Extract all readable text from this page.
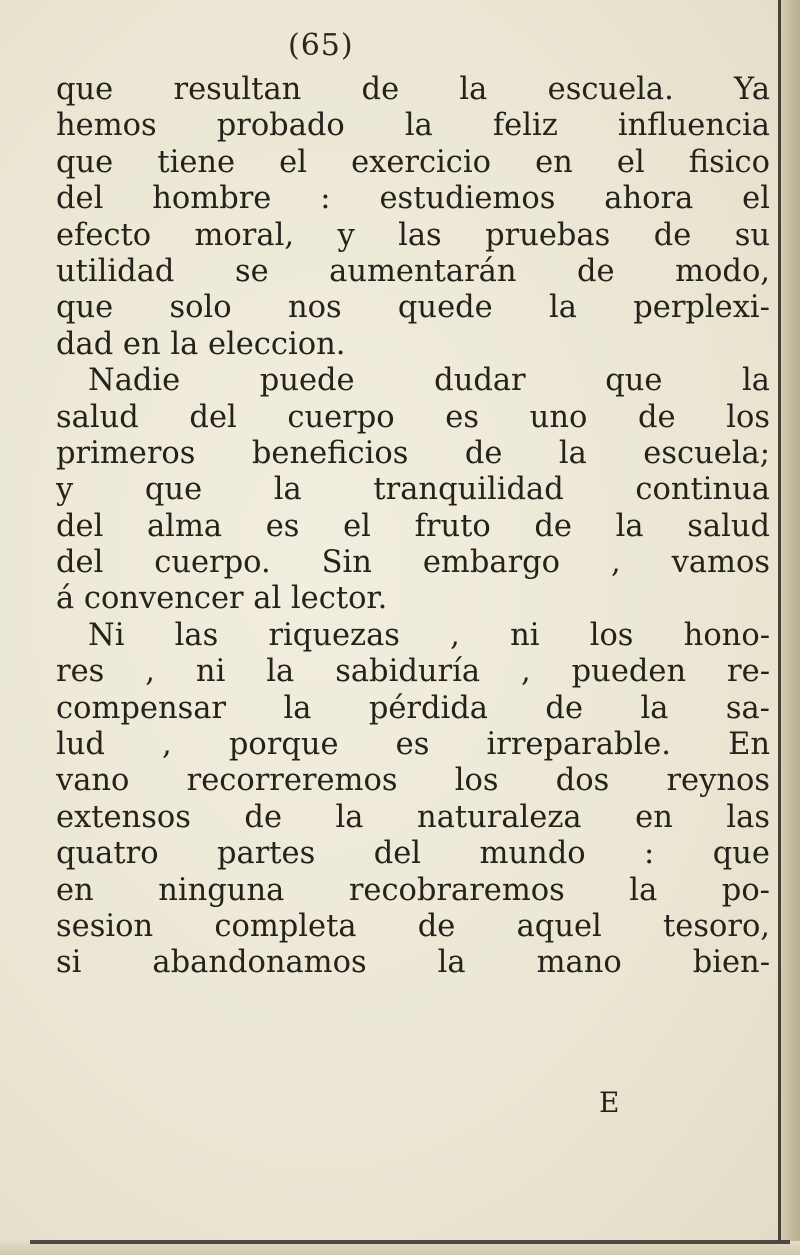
(65)
que resultan de la escuela. Ya
hemos probado la feliz influencia
que tiene el exercicio en el fisico
del hombre : estudiemos ahora el
efecto moral, y las pruebas de su
utilidad se aumentarán de modo,
que solo nos quede la perplexi-
dad en la eleccion.
Nadie puede dudar que la
salud del cuerpo es uno de los
primeros beneficios de la escuela;
y que la tranquilidad continua
del alma es el fruto de la salud
del cuerpo. Sin embargo , vamos
á convencer al lector.
Ni las riquezas , ni los hono-
res , ni la sabiduría , pueden re-
compensar la pérdida de la sa-
lud , porque es irreparable. En
vano recorreremos los dos reynos
extensos de la naturaleza en las
quatro partes del mundo : que
en ninguna recobraremos la po-
sesion completa de aquel tesoro,
si abandonamos la mano bien-
E
